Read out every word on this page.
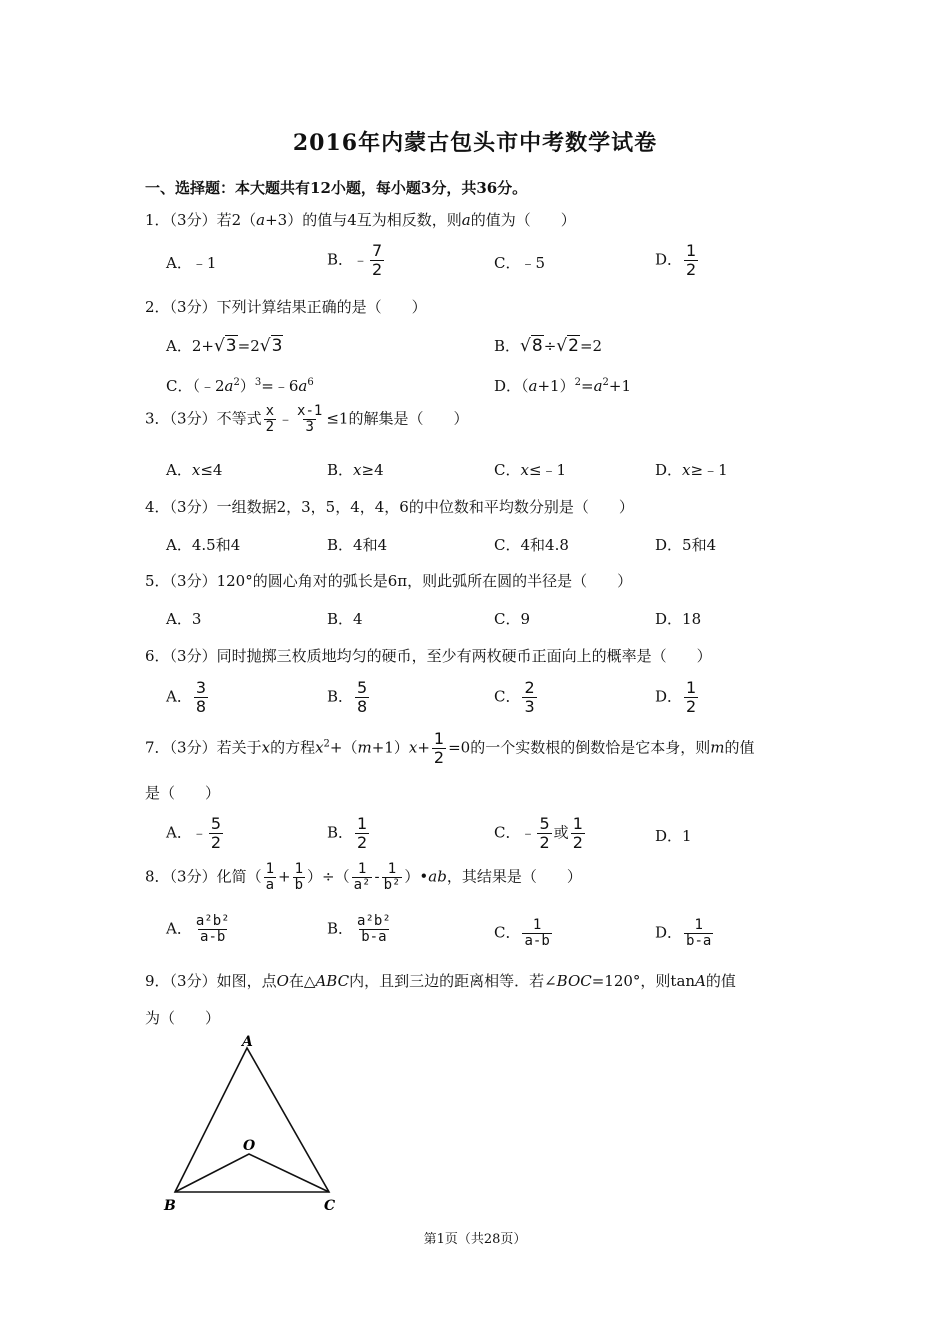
2016年内蒙古包头市中考数学试卷
一、选择题：本大题共有12小题，每小题3分，共36分。
1．（3分）若2（a+3）的值与4互为相反数，则a的值为（　　）
A．﹣1	B．﹣ $\frac{7}{2}$	C．﹣5	D． $\frac{1}{2}$
2．（3分）下列计算结果正确的是（　　）
A．2+√3=2√3	B．√8÷√2=2
C．$(﹣2a^2)^3=﹣6a^6$	D．$(a+1)^2=a^2+1$
3．（3分）不等式 $\frac{x}{2}$ ﹣ $\frac{x-1}{3} \le 1$的解集是（　　）
A．x≤4	B．x≥4	C．x≤﹣1	D．x≥﹣1
4．（3分）一组数据2，3，5，4，4，6的中位数和平均数分别是（　　）
A．4.5和4	B．4和4	C．4和4.8	D．5和4
5．（3分）120°的圆心角对的弧长是6π，则此弧所在圆的半径是（　　）
A．3	B．4	C．9	D．18
6．（3分）同时抛掷三枚质地均匀的硬币，至少有两枚硬币正面向上的概率是（　　）
A． $\frac{3}{8}$	B． $\frac{5}{8}$	C． $\frac{2}{3}$	D． $\frac{1}{2}$
7．（3分）若关于x的方程$x^2+(m+1)x+ \frac{1}{2} =0$的一个实数根的倒数恰是它本身，则m的值
是（　　）
A．﹣ $\frac{5}{2}$	B． $\frac{1}{2}$	C．﹣ $\frac{5}{2}$ 或 $\frac{1}{2}$	D．1
8．（3分）化简（ $\frac{1}{a} + \frac{1}{b}$ ）÷（ $\frac{1}{\text{a²}} - \frac{1}{\text{b²}}$ ）•ab，其结果是（　　）
A． $\frac{\text{a²b²}}{a-b}$	B． $\frac{\text{a²b²}}{b-a}$	C． $\frac{1}{a-b}$	D． $\frac{1}{b-a}$
9．（3分）如图，点O在△ABC内，且到三边的距离相等．若∠BOC=120°，则tanA的值
为（　　）
A
B	C
O
第1页（共28页）
